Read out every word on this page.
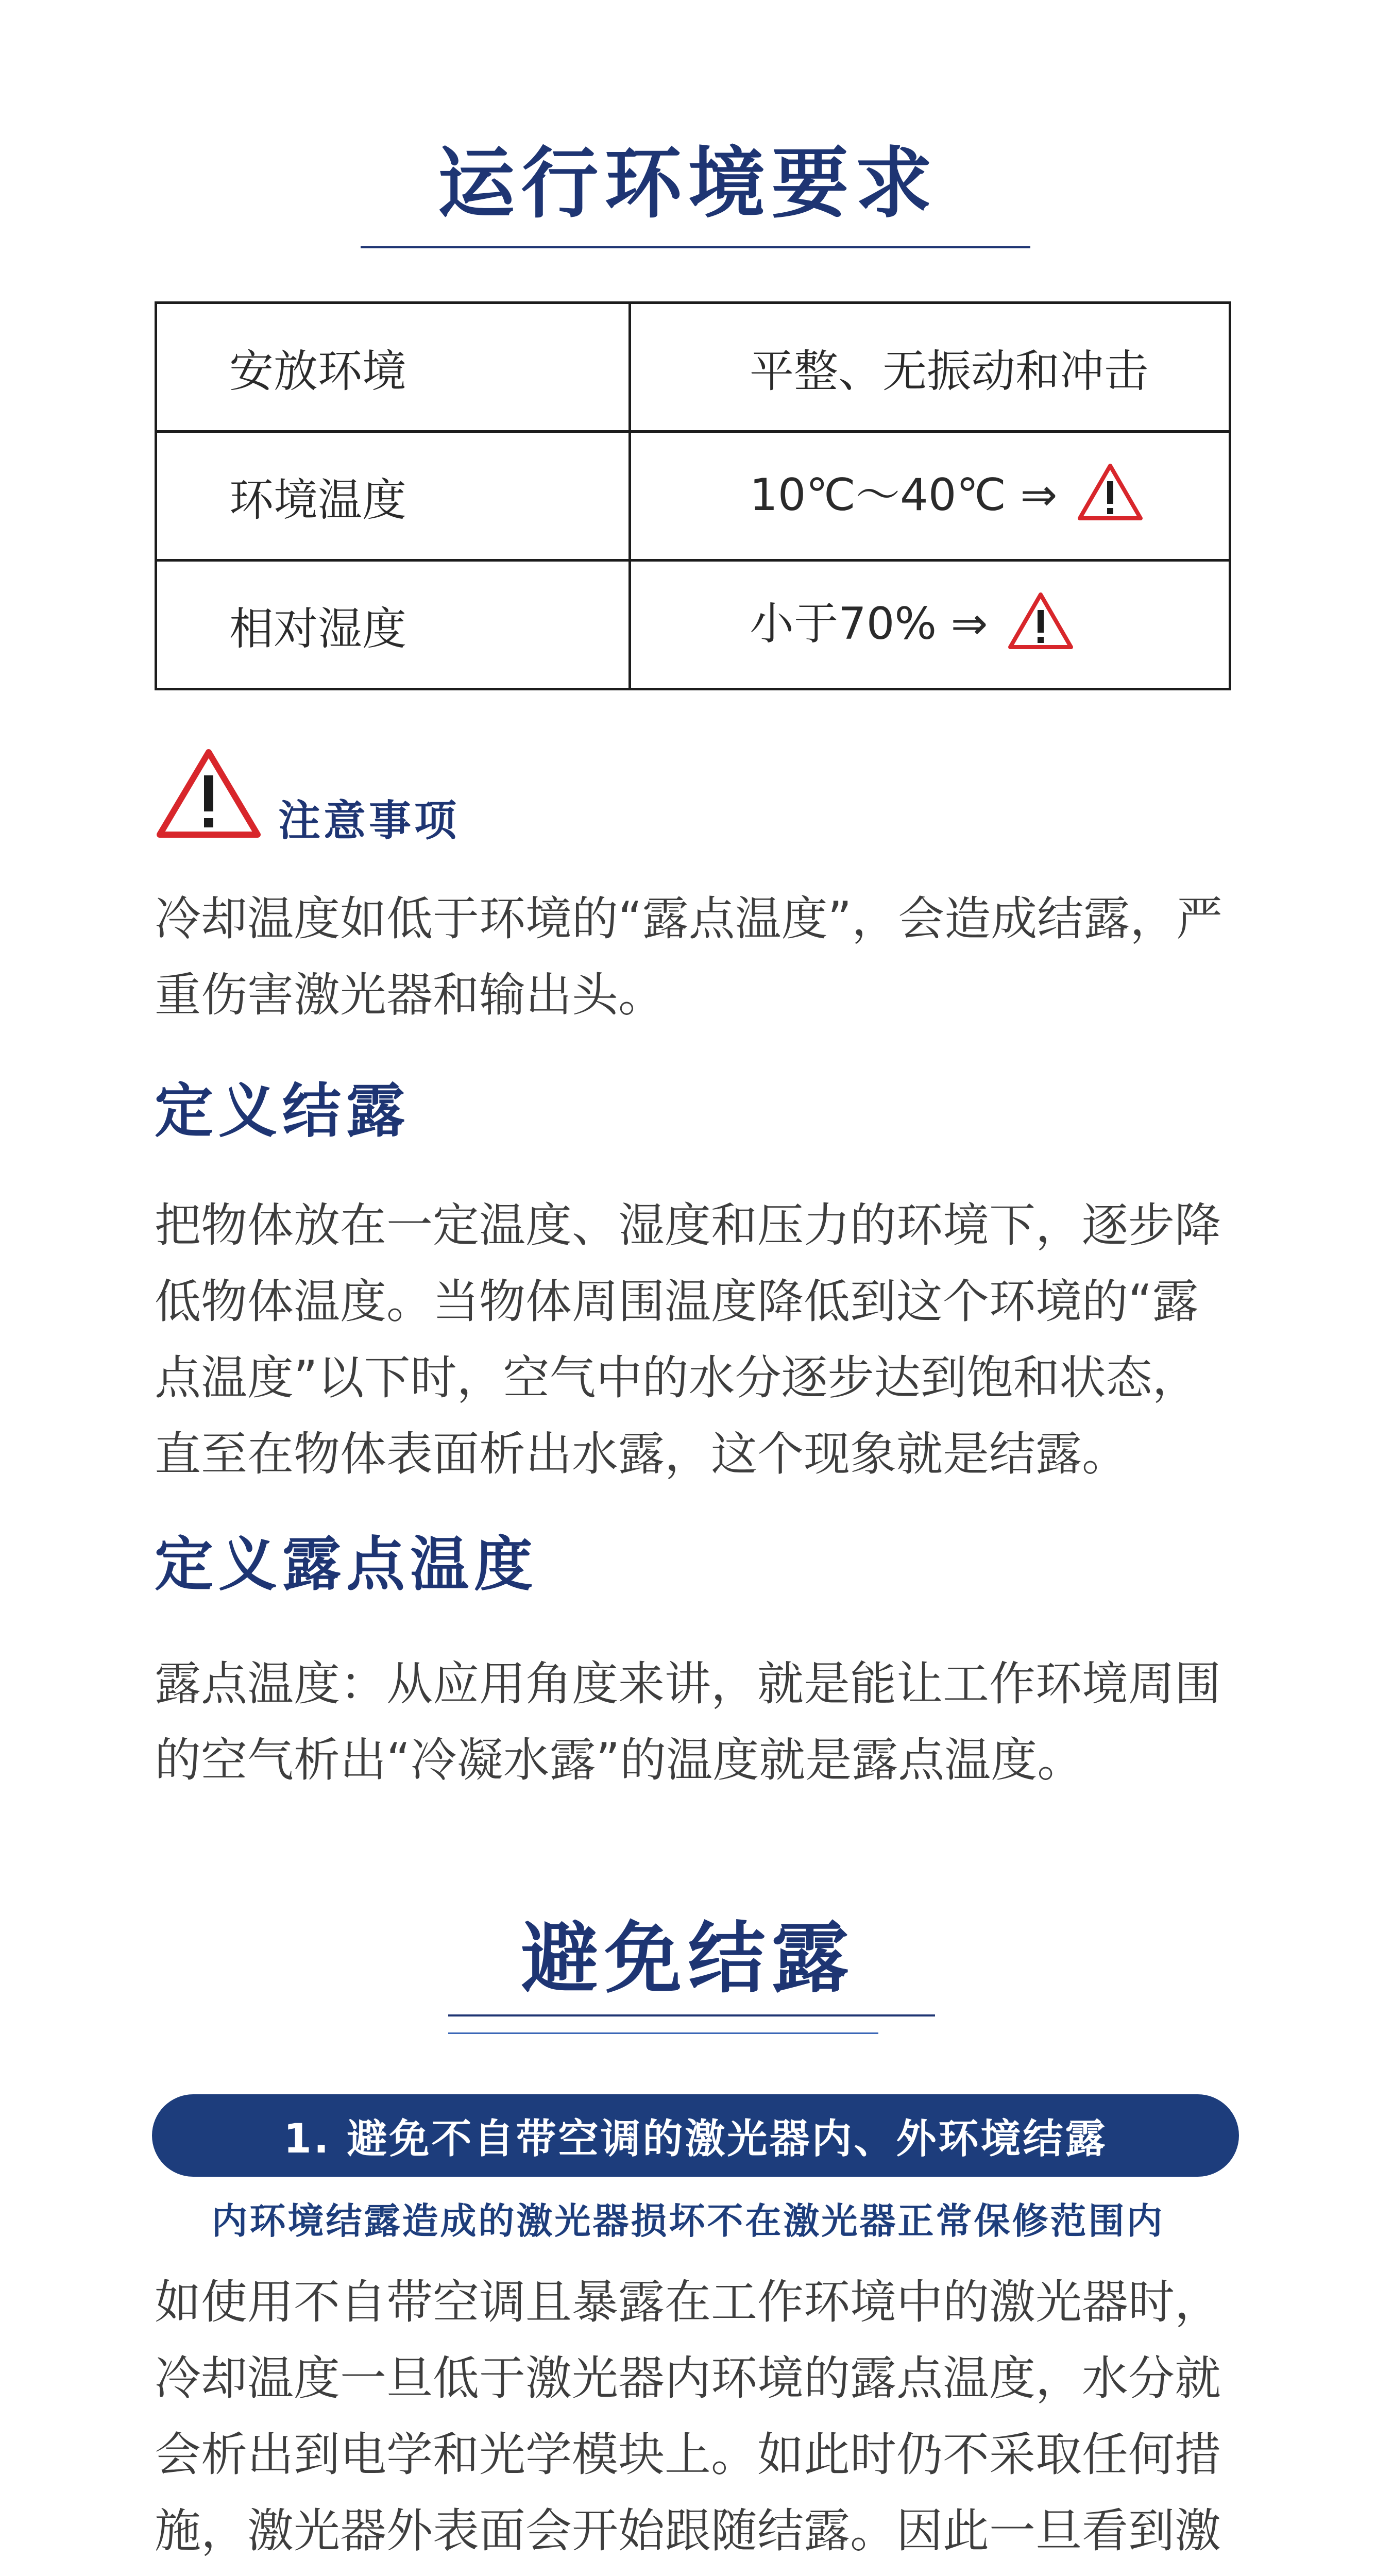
运行环境要求
安放环境	平整、无振动和冲击
环境温度	10℃～40℃ ⇒
相对湿度	小于70% ⇒
注意事项

冷却温度如低于环境的“露点温度”，会造成结露，严重伤害激光器和输出头。

定义结露

把物体放在一定温度、湿度和压力的环境下，逐步降低物体温度。当物体周围温度降低到这个环境的“露点温度”以下时，空气中的水分逐步达到饱和状态，直至在物体表面析出水露，这个现象就是结露。

定义露点温度

露点温度：从应用角度来讲，就是能让工作环境周围的空气析出“冷凝水露”的温度就是露点温度。

避免结露
1. 避免不自带空调的激光器内、外环境结露
内环境结露造成的激光器损坏不在激光器正常保修范围内

如使用不自带空调且暴露在工作环境中的激光器时，冷却温度一旦低于激光器内环境的露点温度，水分就会析出到电学和光学模块上。如此时仍不采取任何措施，激光器外表面会开始跟随结露。因此一旦看到激
